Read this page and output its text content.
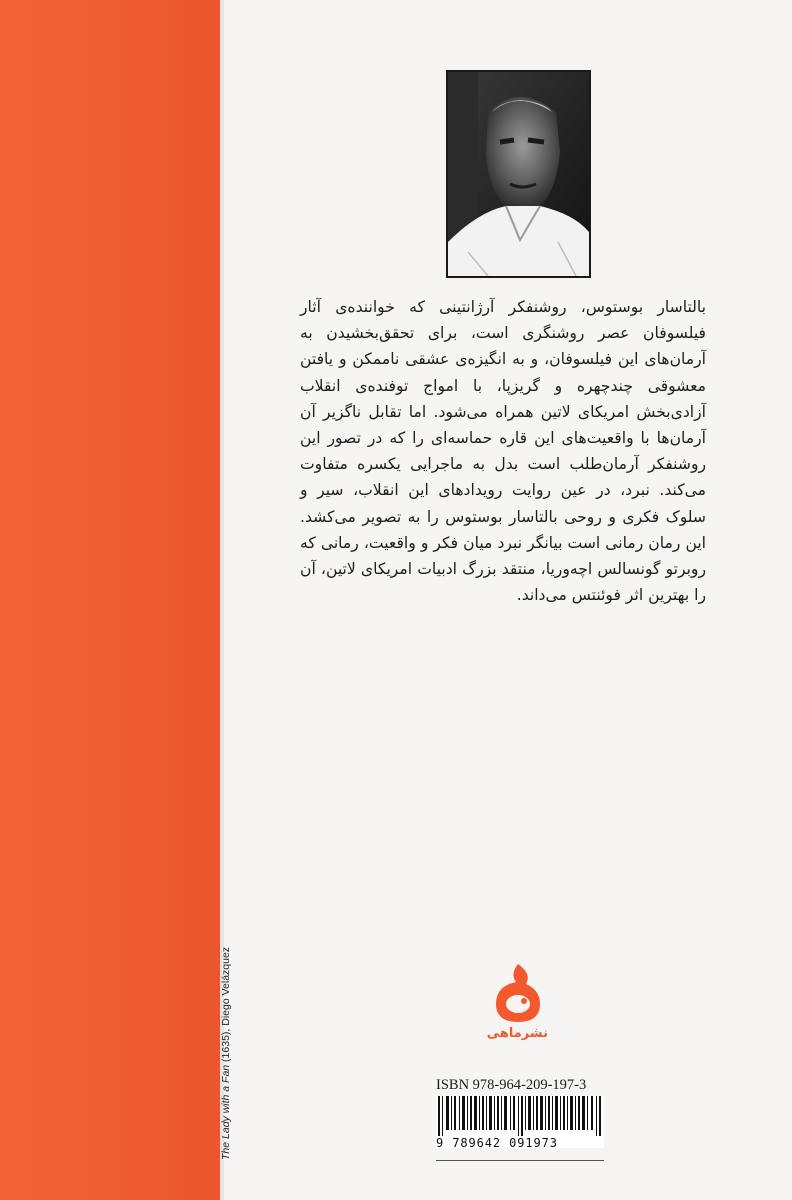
بالتاسار بوستوس، روشنفکر آرژانتینی که خواننده‌ی آثار فیلسوفان عصر روشنگری است، برای تحقق‌بخشیدن به آرمان‌های این فیلسوفان، و به انگیزه‌ی عشقی ناممکن و یافتن معشوقی چندچهره و گریزپا، با امواج توفنده‌ی انقلاب آزادی‌بخش امریکای لاتین همراه می‌شود. اما تقابل ناگزیر آن آرمان‌ها با واقعیت‌های این قاره حماسه‌ای را که در تصور این روشنفکر آرمان‌طلب است بدل به ماجرایی یکسره متفاوت می‌کند. نبرد، در عین روایت رویدادهای این انقلاب، سیر و سلوک فکری و روحی بالتاسار بوستوس را به تصویر می‌کشد. این رمان رمانی است بیانگر نبرد میان فکر و واقعیت، رمانی که روبرتو گونسالس اچه‌وریا، منتقد بزرگ ادبیات امریکای لاتین، آن را بهترین اثر فوئنتس می‌داند.

The Lady with a Fan (1635), Diego Velázquez	نشرماهی
ISBN 978-964-209-197-3
9 789642 091973
